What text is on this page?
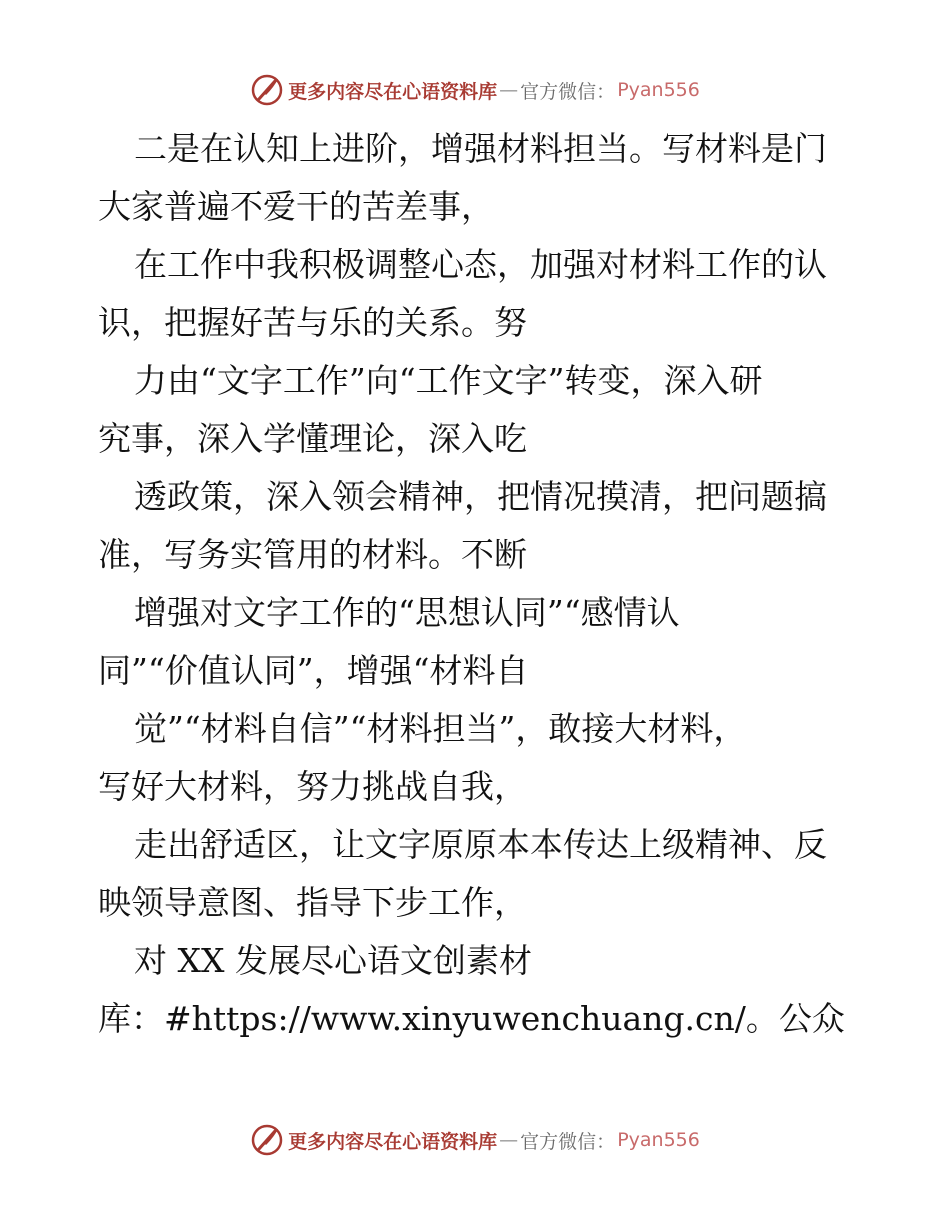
更多内容尽在心语资料库 — 官方微信： Pyan556
二是在认知上进阶，增强材料担当。写材料是门
大家普遍不爱干的苦差事，
在工作中我积极调整心态，加强对材料工作的认
识，把握好苦与乐的关系。努
力由“文字工作”向“工作文字”转变，深入研
究事，深入学懂理论，深入吃
透政策，深入领会精神，把情况摸清，把问题搞
准，写务实管用的材料。不断
增强对文字工作的“思想认同”“感情认
同”“价值认同”，增强“材料自
觉”“材料自信”“材料担当”，敢接大材料，
写好大材料，努力挑战自我，
走出舒适区，让文字原原本本传达上级精神、反
映领导意图、指导下步工作，
对 XX 发展尽心语文创素材
库：#https://www.xinyuwenchuang.cn/。公众
更多内容尽在心语资料库 — 官方微信： Pyan556
